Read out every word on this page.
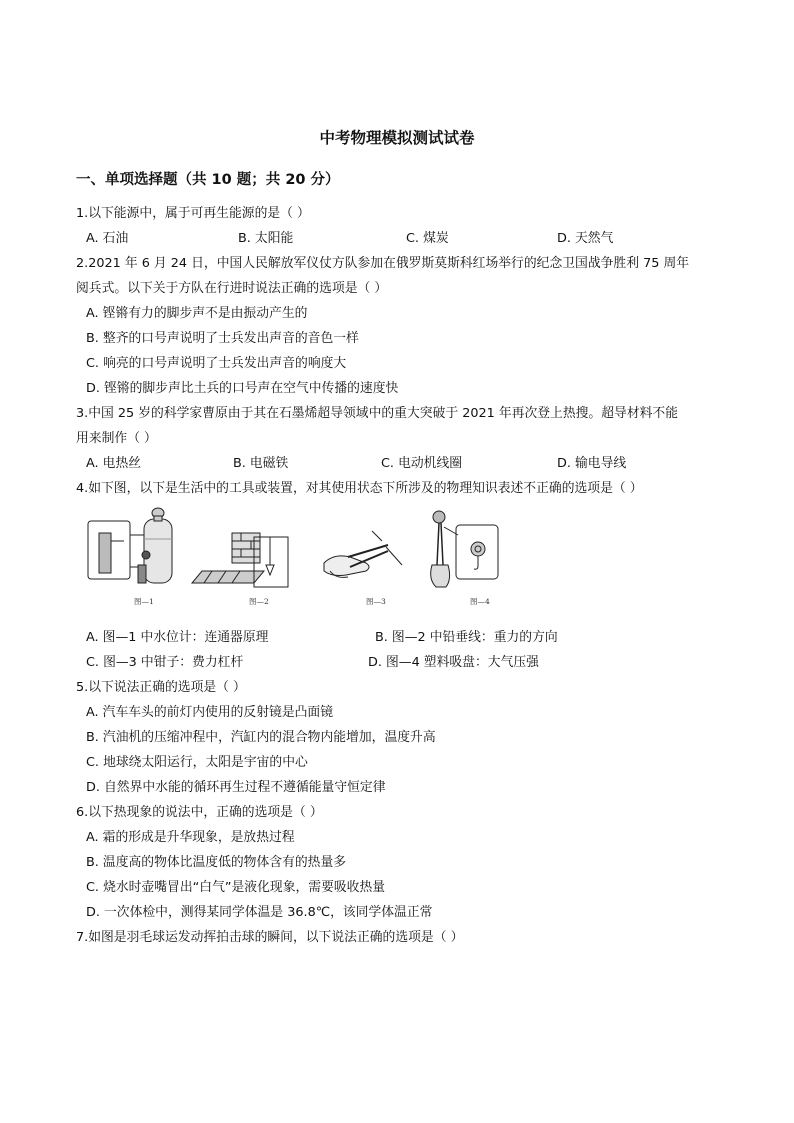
中考物理模拟测试试卷
一、单项选择题（共 10 题；共 20 分）
1.以下能源中，属于可再生能源的是（ ）
A. 石油	B. 太阳能	C. 煤炭	D. 天然气
2.2021 年 6 月 24 日，中国人民解放军仪仗方队参加在俄罗斯莫斯科红场举行的纪念卫国战争胜利 75 周年
阅兵式。以下关于方队在行进时说法正确的选项是（ ）
A. 铿锵有力的脚步声不是由振动产生的
B. 整齐的口号声说明了士兵发出声音的音色一样
C. 响亮的口号声说明了士兵发出声音的响度大
D. 铿锵的脚步声比土兵的口号声在空气中传播的速度快
3.中国 25 岁的科学家曹原由于其在石墨烯超导领域中的重大突破于 2021 年再次登上热搜。超导材料不能
用来制作（ ）
A. 电热丝	B. 电磁铁	C. 电动机线圈	D. 输电导线
4.如下图，以下是生活中的工具或装置，对其使用状态下所涉及的物理知识表述不正确的选项是（ ）
图—1	图—2	图—3	图—4
A. 图—1 中水位计：连通器原理	B. 图—2 中铅垂线：重力的方向
C. 图—3 中钳子：费力杠杆	D. 图—4 塑料吸盘：大气压强
5.以下说法正确的选项是（ ）
A. 汽车车头的前灯内使用的反射镜是凸面镜
B. 汽油机的压缩冲程中，汽缸内的混合物内能增加，温度升高
C. 地球绕太阳运行，太阳是宇宙的中心
D. 自然界中水能的循环再生过程不遵循能量守恒定律
6.以下热现象的说法中，正确的选项是（ ）
A. 霜的形成是升华现象，是放热过程
B. 温度高的物体比温度低的物体含有的热量多
C. 烧水时壶嘴冒出“白气”是液化现象，需要吸收热量
D. 一次体检中，测得某同学体温是 36.8℃，该同学体温正常
7.如图是羽毛球运发动挥拍击球的瞬间，以下说法正确的选项是（ ）
